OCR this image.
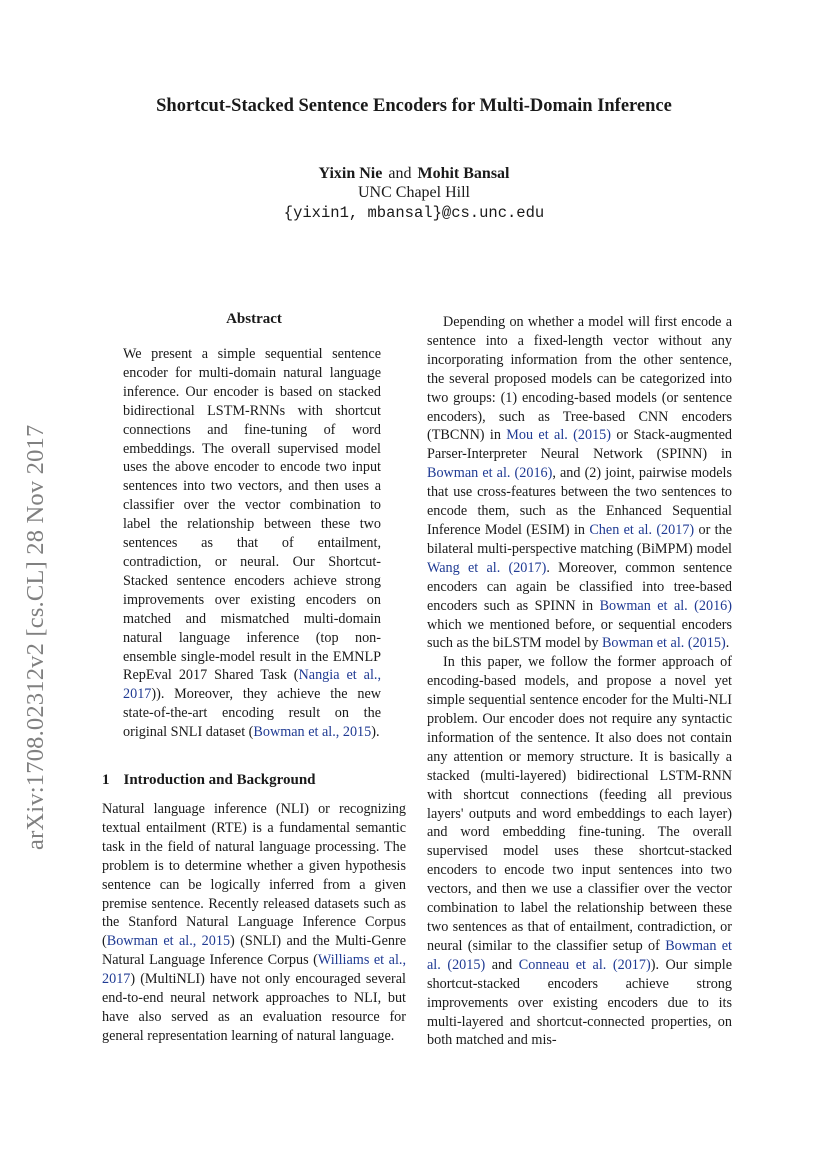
arXiv:1708.02312v2 [cs.CL] 28 Nov 2017
Shortcut-Stacked Sentence Encoders for Multi-Domain Inference
Yixin Nie and Mohit Bansal
UNC Chapel Hill
{yixin1, mbansal}@cs.unc.edu
Abstract
We present a simple sequential sentence encoder for multi-domain natural language inference. Our encoder is based on stacked bidirectional LSTM-RNNs with shortcut connections and fine-tuning of word embeddings. The overall supervised model uses the above encoder to encode two input sentences into two vectors, and then uses a classifier over the vector combination to label the relationship between these two sentences as that of entailment, contradiction, or neural. Our Shortcut-Stacked sentence encoders achieve strong improvements over existing encoders on matched and mismatched multi-domain natural language inference (top non-ensemble single-model result in the EMNLP RepEval 2017 Shared Task (Nangia et al., 2017)). Moreover, they achieve the new state-of-the-art encoding result on the original SNLI dataset (Bowman et al., 2015).
1 Introduction and Background
Natural language inference (NLI) or recognizing textual entailment (RTE) is a fundamental semantic task in the field of natural language processing. The problem is to determine whether a given hypothesis sentence can be logically inferred from a given premise sentence. Recently released datasets such as the Stanford Natural Language Inference Corpus (Bowman et al., 2015) (SNLI) and the Multi-Genre Natural Language Inference Corpus (Williams et al., 2017) (MultiNLI) have not only encouraged several end-to-end neural network approaches to NLI, but have also served as an evaluation resource for general representation learning of natural language.

Depending on whether a model will first encode a sentence into a fixed-length vector without any incorporating information from the other sentence, the several proposed models can be categorized into two groups: (1) encoding-based models (or sentence encoders), such as Tree-based CNN encoders (TBCNN) in Mou et al. (2015) or Stack-augmented Parser-Interpreter Neural Network (SPINN) in Bowman et al. (2016), and (2) joint, pairwise models that use cross-features between the two sentences to encode them, such as the Enhanced Sequential Inference Model (ESIM) in Chen et al. (2017) or the bilateral multi-perspective matching (BiMPM) model Wang et al. (2017). Moreover, common sentence encoders can again be classified into tree-based encoders such as SPINN in Bowman et al. (2016) which we mentioned before, or sequential encoders such as the biLSTM model by Bowman et al. (2015).

In this paper, we follow the former approach of encoding-based models, and propose a novel yet simple sequential sentence encoder for the Multi-NLI problem. Our encoder does not require any syntactic information of the sentence. It also does not contain any attention or memory structure. It is basically a stacked (multi-layered) bidirectional LSTM-RNN with shortcut connections (feeding all previous layers' outputs and word embeddings to each layer) and word embedding fine-tuning. The overall supervised model uses these shortcut-stacked encoders to encode two input sentences into two vectors, and then we use a classifier over the vector combination to label the relationship between these two sentences as that of entailment, contradiction, or neural (similar to the classifier setup of Bowman et al. (2015) and Conneau et al. (2017)). Our simple shortcut-stacked encoders achieve strong improvements over existing encoders due to its multi-layered and shortcut-connected properties, on both matched and mis-
